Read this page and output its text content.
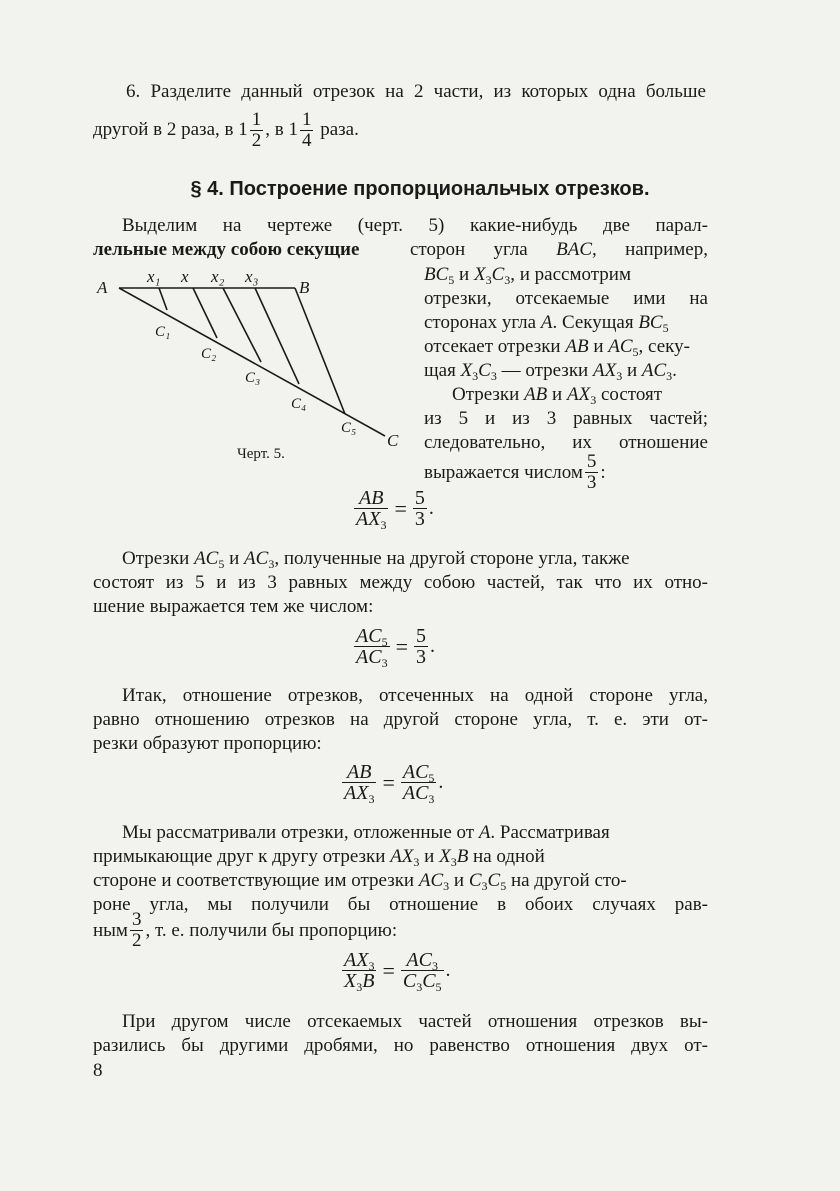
6. Разделите данный отрезок на 2 части, из которых одна больше
другой в 2 раза, в $1 \frac{1}{2}$ , в $1 \frac{1}{4}$ раза.
§ 4. Построение пропорциональчых отрезков.
Выделим на чертеже (черт. 5) какие-нибудь две парал-
лельные между собою секущие	сторон угла BAC, например,
$BC_5$ и $X_3C_3$, и рассмотрим
отрезки, отсекаемые ими на
сторонах угла A. Секущая $BC_5$
отсекает отрезки AB и $AC_5$, секу-
щая $X_3C_3$ — отрезки $AX_3$ и $AC_3$.
Отрезки AB и $AX_3$ состоят
из 5 и из 3 равных частей;
следовательно, их отношение
выражается числом $\frac{5}{3}$ :
A	B
C
x₁ x x₂ x₃
C₁
C₂
C₃
C₄
C₅
Черт. 5.
$\frac{AB}{AX_3} = \frac{5}{3}$ .
Отрезки $AC_5$ и $AC_3$, полученные на другой стороне угла, также
состоят из 5 и из 3 равных между собою частей, так что их отно-
шение выражается тем же числом:
$\frac{AC_5}{AC_3} = \frac{5}{3}$ .
Итак, отношение отрезков, отсеченных на одной стороне угла,
равно отношению отрезков на другой стороне угла, т. е. эти от-
резки образуют пропорцию:
$\frac{AB}{AX_3} = \frac{AC_5}{AC_3}$ .
Мы рассматривали отрезки, отложенные от A. Рассматривая
примыкающие друг к другу отрезки $AX_3$ и $X_3B$ на одной
стороне и соответствующие им отрезки $AC_3$ и $C_3C_5$ на другой сто-
роне угла, мы получили бы отношение в обоих случаях рав-
ным $\frac{3}{2}$ , т. е. получили бы пропорцию:
$\frac{AX_3}{X_3B} = \frac{AC_3}{C_3C_5}$ .
При другом числе отсекаемых частей отношения отрезков вы-
разились бы другими дробями, но равенство отношения двух от-
8
